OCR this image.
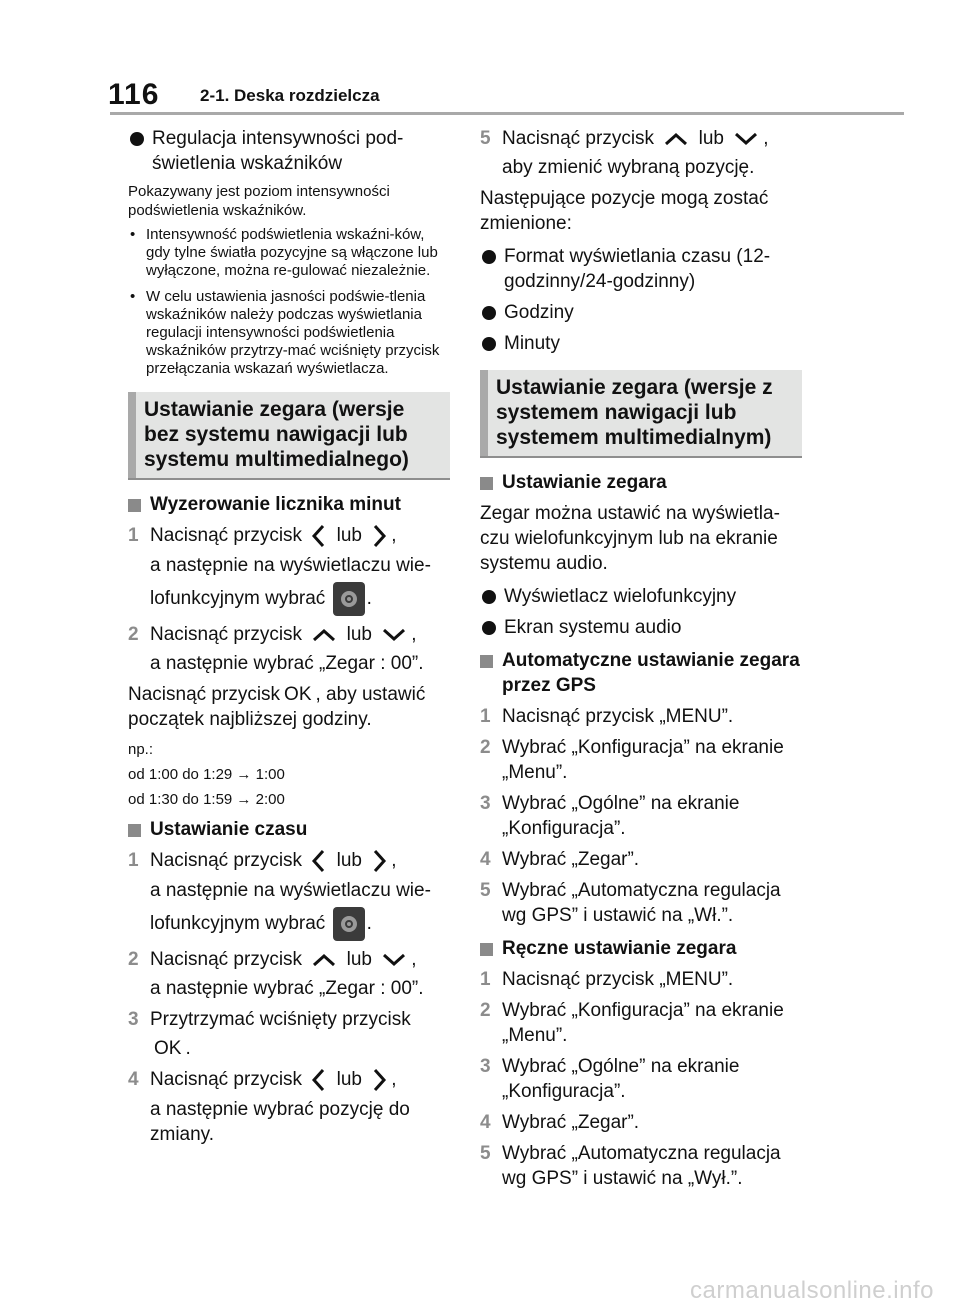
116 2-1. Deska rozdzielcza
Regulacja intensywności pod-świetlenia wskaźników
Pokazywany jest poziom intensywności podświetlenia wskaźników.
• Intensywność podświetlenia wskaźni-ków, gdy tylne światła pozycyjne są włączone lub wyłączone, można re-gulować niezależnie.
• W celu ustawienia jasności podświe-tlenia wskaźników należy podczas wyświetlania regulacji intensywności podświetlenia wskaźników przytrzy-mać wciśnięty przycisk przełączania wskazań wyświetlacza.
Ustawianie zegara (wersje bez systemu nawigacji lub systemu multimedialnego)
Wyzerowanie licznika minut
1 Nacisnąć przycisk lub ,
a następnie na wyświetlaczu wie-
lofunkcyjnym wybrać .
2 Nacisnąć przycisk lub ,
a następnie wybrać „Zegar : 00”.
Nacisnąć przycisk OK , aby ustawić początek najbliższej godziny.
np.:
od 1:00 do 1:29 → 1:00
od 1:30 do 1:59 → 2:00
Ustawianie czasu
1 Nacisnąć przycisk lub ,
a następnie na wyświetlaczu wie-
lofunkcyjnym wybrać .
2 Nacisnąć przycisk lub ,
a następnie wybrać „Zegar : 00”.
3 Przytrzymać wciśnięty przycisk
OK .
4 Nacisnąć przycisk lub ,
a następnie wybrać pozycję do zmiany.
5 Nacisnąć przycisk lub ,
aby zmienić wybraną pozycję.
Następujące pozycje mogą zostać zmienione:
Format wyświetlania czasu (12-godzinny/24-godzinny)
Godziny
Minuty
Ustawianie zegara (wersje z systemem nawigacji lub systemem multimedialnym)
Ustawianie zegara
Zegar można ustawić na wyświetla-czu wielofunkcyjnym lub na ekranie systemu audio.
Wyświetlacz wielofunkcyjny
Ekran systemu audio
Automatyczne ustawianie zegara przez GPS
1 Nacisnąć przycisk „MENU”.
2 Wybrać „Konfiguracja” na ekranie „Menu”.
3 Wybrać „Ogólne” na ekranie „Konfiguracja”.
4 Wybrać „Zegar”.
5 Wybrać „Automatyczna regulacja wg GPS” i ustawić na „Wł.”.
Ręczne ustawianie zegara
1 Nacisnąć przycisk „MENU”.
2 Wybrać „Konfiguracja” na ekranie „Menu”.
3 Wybrać „Ogólne” na ekranie „Konfiguracja”.
4 Wybrać „Zegar”.
5 Wybrać „Automatyczna regulacja wg GPS” i ustawić na „Wył.”.
carmanualsonline.info
